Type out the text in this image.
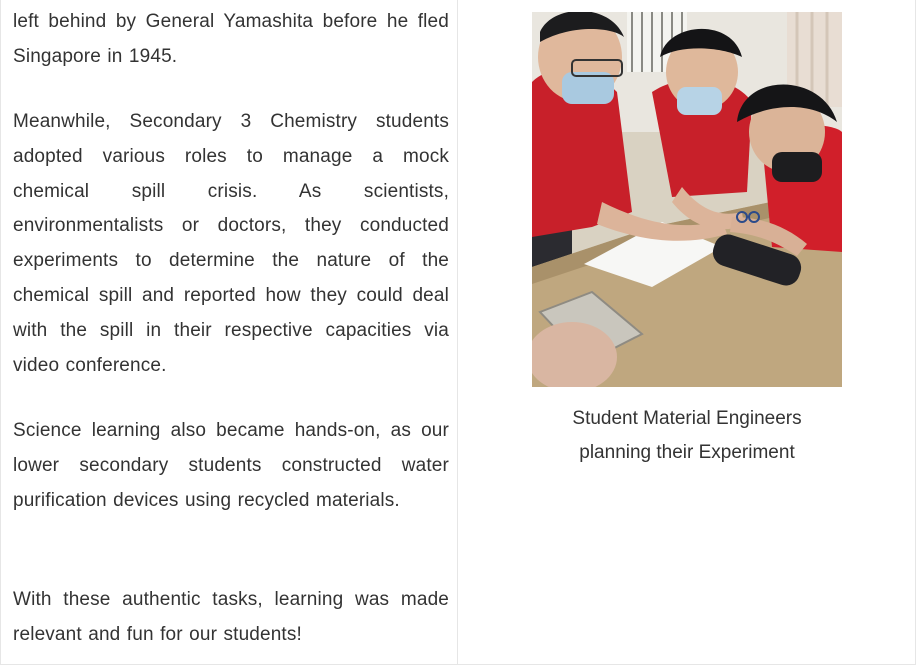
left behind by General Yamashita before he fled Singapore in 1945.

Meanwhile, Secondary 3 Chemistry students adopted various roles to manage a mock chemical spill crisis. As scientists, environmentalists or doctors, they conducted experiments to determine the nature of the chemical spill and reported how they could deal with the spill in their respective capacities via video conference.

Science learning also became hands-on, as our lower secondary students constructed water purification devices using recycled materials.

With these authentic tasks, learning was made relevant and fun for our students!

Student Material Engineers
planning their Experiment
